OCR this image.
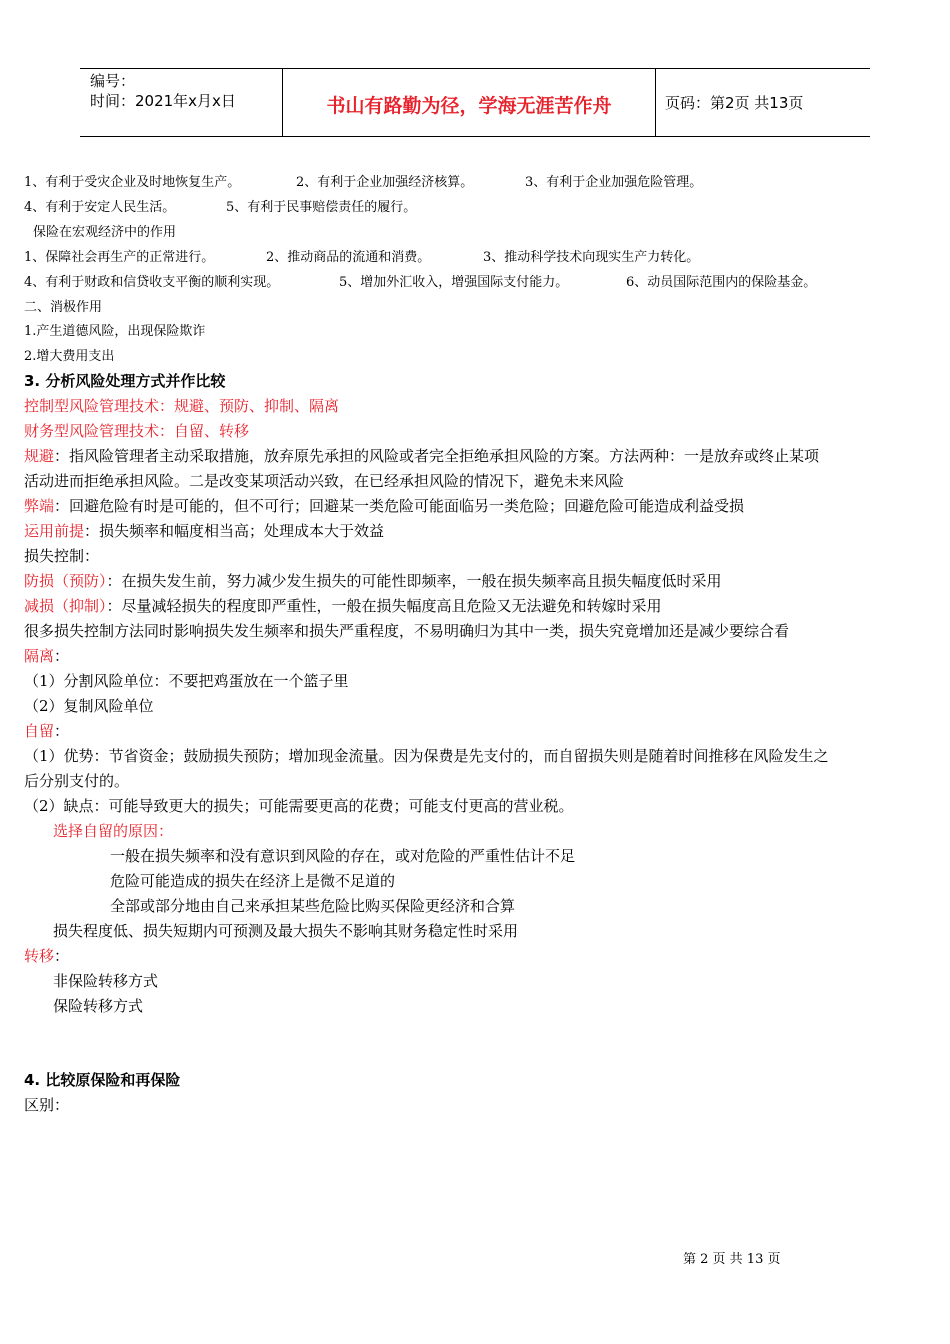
编号：
时间：2021年x月x日	书山有路勤为径，学海无涯苦作舟	页码：第2页 共13页
1、有利于受灾企业及时地恢复生产。	2、有利于企业加强经济核算。	3、有利于企业加强危险管理。
4、有利于安定人民生活。	5、有利于民事赔偿责任的履行。
保险在宏观经济中的作用
1、保障社会再生产的正常进行。	2、推动商品的流通和消费。	3、推动科学技术向现实生产力转化。
4、有利于财政和信贷收支平衡的顺利实现。	5、增加外汇收入，增强国际支付能力。	6、动员国际范围内的保险基金。
二、消极作用
1.产生道德风险，出现保险欺诈
2.增大费用支出
3. 分析风险处理方式并作比较
控制型风险管理技术：规避、预防、抑制、隔离
财务型风险管理技术：自留、转移
规避：指风险管理者主动采取措施，放弃原先承担的风险或者完全拒绝承担风险的方案。方法两种：一是放弃或终止某项
活动进而拒绝承担风险。二是改变某项活动兴致，在已经承担风险的情况下，避免未来风险
弊端：回避危险有时是可能的，但不可行；回避某一类危险可能面临另一类危险；回避危险可能造成利益受损
运用前提：损失频率和幅度相当高；处理成本大于效益
损失控制：
防损（预防）：在损失发生前，努力减少发生损失的可能性即频率，一般在损失频率高且损失幅度低时采用
减损（抑制）：尽量减轻损失的程度即严重性，一般在损失幅度高且危险又无法避免和转嫁时采用
很多损失控制方法同时影响损失发生频率和损失严重程度，不易明确归为其中一类，损失究竟增加还是减少要综合看
隔离：
（1）分割风险单位：不要把鸡蛋放在一个篮子里
（2）复制风险单位
自留：
（1）优势：节省资金；鼓励损失预防；增加现金流量。因为保费是先支付的，而自留损失则是随着时间推移在风险发生之
后分别支付的。
（2）缺点：可能导致更大的损失；可能需要更高的花费；可能支付更高的营业税。
选择自留的原因：
一般在损失频率和没有意识到风险的存在，或对危险的严重性估计不足
危险可能造成的损失在经济上是微不足道的
全部或部分地由自己来承担某些危险比购买保险更经济和合算
损失程度低、损失短期内可预测及最大损失不影响其财务稳定性时采用
转移：
非保险转移方式
保险转移方式
4. 比较原保险和再保险
区别：
第 2 页 共 13 页
